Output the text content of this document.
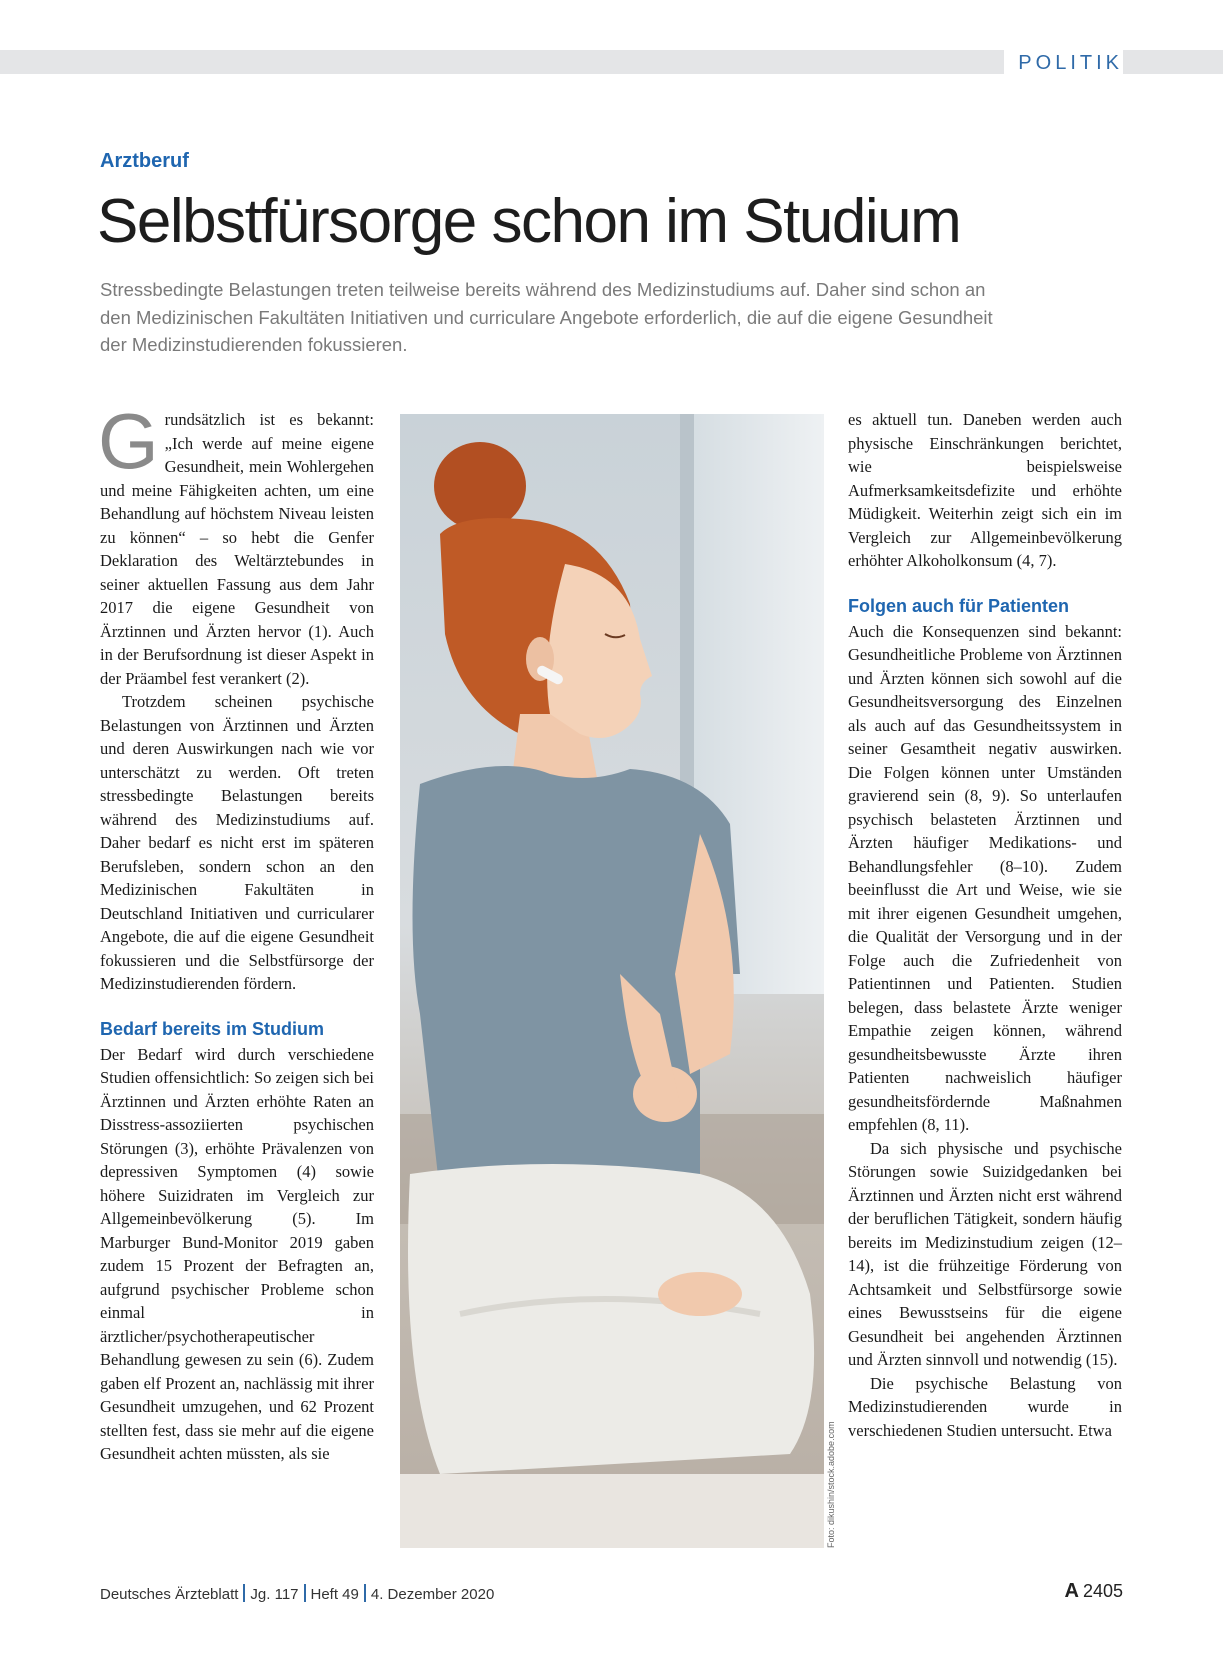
POLITIK
Arztberuf
Selbstfürsorge schon im Studium
Stressbedingte Belastungen treten teilweise bereits während des Medizinstudiums auf. Daher sind schon an den Medizinischen Fakultäten Initiativen und curriculare Angebote erforderlich, die auf die eigene Gesundheit der Medizinstudierenden fokussieren.

Grundsätzlich ist es bekannt: „Ich werde auf meine eigene Gesundheit, mein Wohlergehen und meine Fähigkeiten achten, um eine Behandlung auf höchstem Niveau leisten zu können“ – so hebt die Genfer Deklaration des Weltärztebundes in seiner aktuellen Fassung aus dem Jahr 2017 die eigene Gesundheit von Ärztinnen und Ärzten hervor (1). Auch in der Berufsordnung ist dieser Aspekt in der Präambel fest verankert (2).

Trotzdem scheinen psychische Belastungen von Ärztinnen und Ärzten und deren Auswirkungen nach wie vor unterschätzt zu werden. Oft treten stressbedingte Belastungen bereits während des Medizinstudiums auf. Daher bedarf es nicht erst im späteren Berufsleben, sondern schon an den Medizinischen Fakultäten in Deutschland Initiativen und curricularer Angebote, die auf die eigene Gesundheit fokussieren und die Selbstfürsorge der Medizinstudierenden fördern.

Bedarf bereits im Studium

Der Bedarf wird durch verschiedene Studien offensichtlich: So zeigen sich bei Ärztinnen und Ärzten erhöhte Raten an Disstress-assoziierten psychischen Störungen (3), erhöhte Prävalenzen von depressiven Symptomen (4) sowie höhere Suizidraten im Vergleich zur Allgemeinbevölkerung (5). Im Marburger Bund-Monitor 2019 gaben zudem 15 Prozent der Befragten an, aufgrund psychischer Probleme schon einmal in ärztlicher/psychotherapeutischer Behandlung gewesen zu sein (6). Zudem gaben elf Prozent an, nachlässig mit ihrer Gesundheit umzugehen, und 62 Prozent stellten fest, dass sie mehr auf die eigene Gesundheit achten müssten, als sie	Foto: dikushin/stock.adobe.com

es aktuell tun. Daneben werden auch physische Einschränkungen berichtet, wie beispielsweise Aufmerksamkeitsdefizite und erhöhte Müdigkeit. Weiterhin zeigt sich ein im Vergleich zur Allgemeinbevölkerung erhöhter Alkoholkonsum (4, 7).

Folgen auch für Patienten

Auch die Konsequenzen sind bekannt: Gesundheitliche Probleme von Ärztinnen und Ärzten können sich sowohl auf die Gesundheitsversorgung des Einzelnen als auch auf das Gesundheitssystem in seiner Gesamtheit negativ auswirken. Die Folgen können unter Umständen gravierend sein (8, 9). So unterlaufen psychisch belasteten Ärztinnen und Ärzten häufiger Medikations- und Behandlungsfehler (8–10). Zudem beeinflusst die Art und Weise, wie sie mit ihrer eigenen Gesundheit umgehen, die Qualität der Versorgung und in der Folge auch die Zufriedenheit von Patientinnen und Patienten. Studien belegen, dass belastete Ärzte weniger Empathie zeigen können, während gesundheitsbewusste Ärzte ihren Patienten nachweislich häufiger gesundheitsfördernde Maßnahmen empfehlen (8, 11).

Da sich physische und psychische Störungen sowie Suizidgedanken bei Ärztinnen und Ärzten nicht erst während der beruflichen Tätigkeit, sondern häufig bereits im Medizinstudium zeigen (12–14), ist die frühzeitige Förderung von Achtsamkeit und Selbstfürsorge sowie eines Bewusstseins für die eigene Gesundheit bei angehenden Ärztinnen und Ärzten sinnvoll und notwendig (15).

Die psychische Belastung von Medizinstudierenden wurde in verschiedenen Studien untersucht. Etwa

Deutsches Ärzteblatt Jg. 117 Heft 49 4. Dezember 2020	A 2405
